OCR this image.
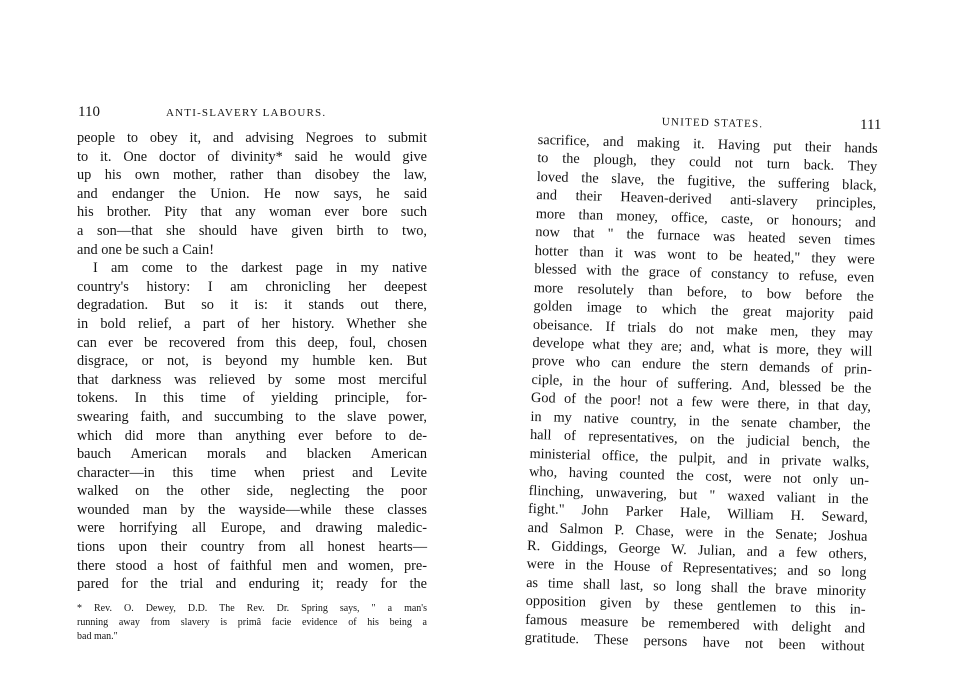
110	ANTI-SLAVERY LABOURS.
people to obey it, and advising Negroes to submit
to it. One doctor of divinity* said he would give
up his own mother, rather than disobey the law,
and endanger the Union. He now says, he said
his brother. Pity that any woman ever bore such
a son—that she should have given birth to two,
and one be such a Cain!
I am come to the darkest page in my native
country's history: I am chronicling her deepest
degradation. But so it is: it stands out there,
in bold relief, a part of her history. Whether she
can ever be recovered from this deep, foul, chosen
disgrace, or not, is beyond my humble ken. But
that darkness was relieved by some most merciful
tokens. In this time of yielding principle, for-
swearing faith, and succumbing to the slave power,
which did more than anything ever before to de-
bauch American morals and blacken American
character—in this time when priest and Levite
walked on the other side, neglecting the poor
wounded man by the wayside—while these classes
were horrifying all Europe, and drawing maledic-
tions upon their country from all honest hearts—
there stood a host of faithful men and women, pre-
pared for the trial and enduring it; ready for the
* Rev. O. Dewey, D.D. The Rev. Dr. Spring says, " a man's
running away from slavery is primâ facie evidence of his being a
bad man."
UNITED STATES.	111
sacrifice, and making it. Having put their hands
to the plough, they could not turn back. They
loved the slave, the fugitive, the suffering black,
and their Heaven-derived anti-slavery principles,
more than money, office, caste, or honours; and
now that " the furnace was heated seven times
hotter than it was wont to be heated," they were
blessed with the grace of constancy to refuse, even
more resolutely than before, to bow before the
golden image to which the great majority paid
obeisance. If trials do not make men, they may
develope what they are; and, what is more, they will
prove who can endure the stern demands of prin-
ciple, in the hour of suffering. And, blessed be the
God of the poor! not a few were there, in that day,
in my native country, in the senate chamber, the
hall of representatives, on the judicial bench, the
ministerial office, the pulpit, and in private walks,
who, having counted the cost, were not only un-
flinching, unwavering, but " waxed valiant in the
fight." John Parker Hale, William H. Seward,
and Salmon P. Chase, were in the Senate; Joshua
R. Giddings, George W. Julian, and a few others,
were in the House of Representatives; and so long
as time shall last, so long shall the brave minority
opposition given by these gentlemen to this in-
famous measure be remembered with delight and
gratitude. These persons have not been without
